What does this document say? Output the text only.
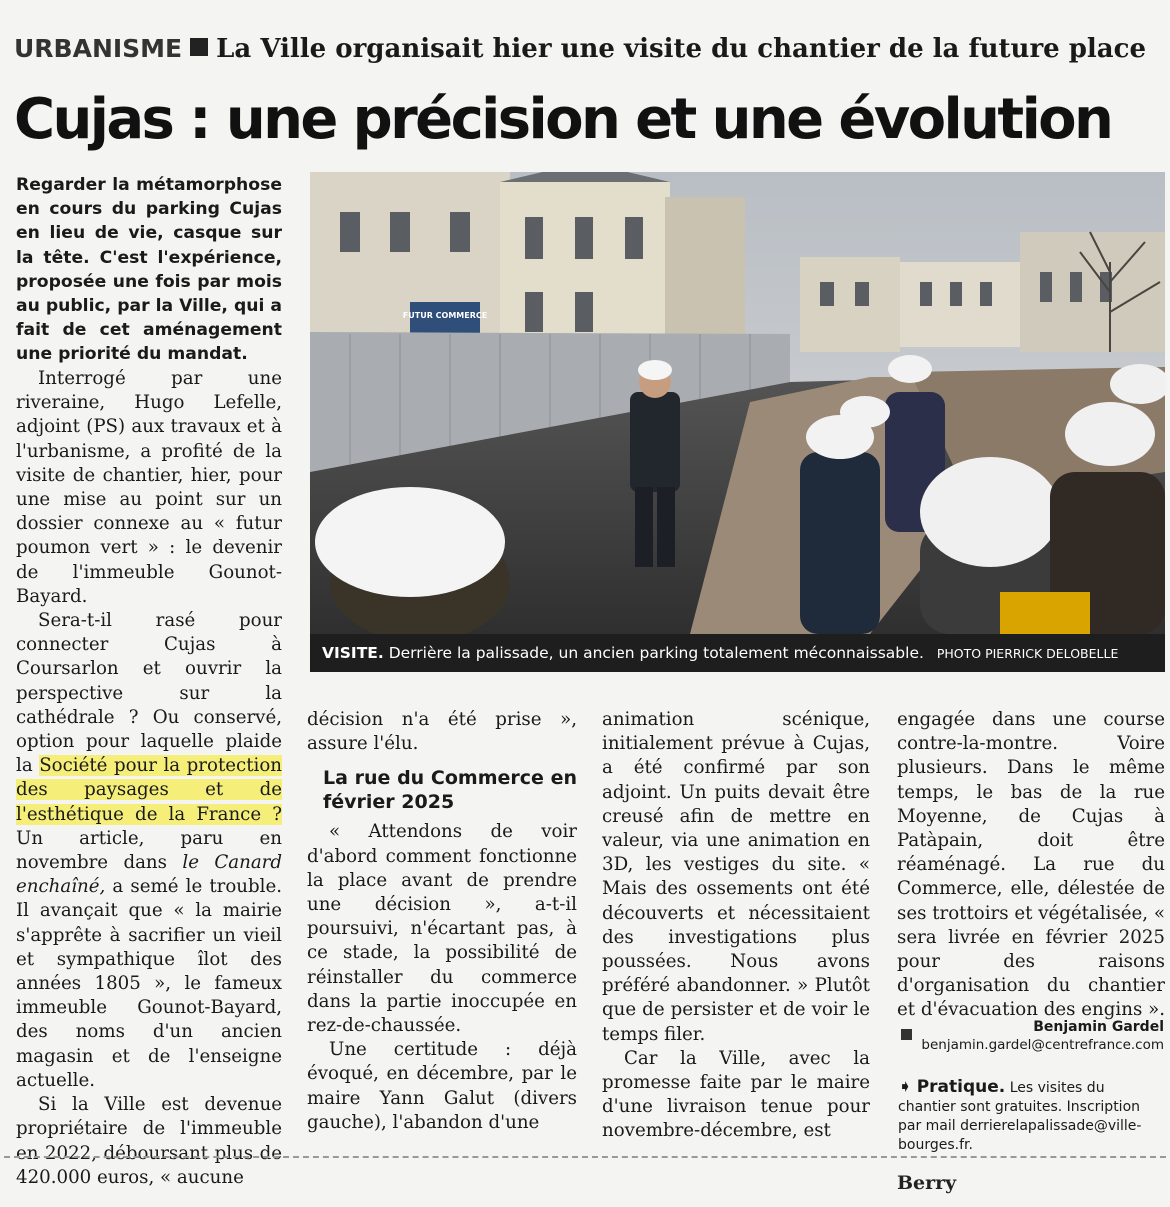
URBANISME La Ville organisait hier une visite du chantier de la future place
Cujas : une précision et une évolution
Regarder la métamorphose en cours du parking Cujas en lieu de vie, casque sur la tête. C'est l'expérience, proposée une fois par mois au public, par la Ville, qui a fait de cet aménagement une priorité du mandat.

Interrogé par une riveraine, Hugo Lefelle, adjoint (PS) aux travaux et à l'urbanisme, a profité de la visite de chantier, hier, pour une mise au point sur un dossier connexe au « futur poumon vert » : le devenir de l'immeuble Gounot-Bayard.

Sera-t-il rasé pour connecter Cujas à Coursarlon et ouvrir la perspective sur la cathédrale ? Ou conservé, option pour laquelle plaide la Société pour la protection des paysages et de l'esthétique de la France ? Un article, paru en novembre dans le Canard enchaîné, a semé le trouble. Il avançait que « la mairie s'apprête à sacrifier un vieil et sympathique îlot des années 1805 », le fameux immeuble Gounot-Bayard, des noms d'un ancien magasin et de l'enseigne actuelle.

Si la Ville est devenue propriétaire de l'immeuble en 2022, déboursant plus de 420.000 euros, « aucune

FUTUR COMMERCE
VISITE. Derrière la palissade, un ancien parking totalement méconnaissable. PHOTO PIERRICK DELOBELLE

décision n'a été prise », assure l'élu.

La rue du Commerce en février 2025

« Attendons de voir d'abord comment fonctionne la place avant de prendre une décision », a-t-il poursuivi, n'écartant pas, à ce stade, la possibilité de réinstaller du commerce dans la partie inoccupée en rez-de-chaussée.

Une certitude : déjà évoqué, en décembre, par le maire Yann Galut (divers gauche), l'abandon d'une

animation scénique, initialement prévue à Cujas, a été confirmé par son adjoint. Un puits devait être creusé afin de mettre en valeur, via une animation en 3D, les vestiges du site. « Mais des ossements ont été découverts et nécessitaient des investigations plus poussées. Nous avons préféré abandonner. » Plutôt que de persister et de voir le temps filer.

Car la Ville, avec la promesse faite par le maire d'une livraison tenue pour novembre-décembre, est

engagée dans une course contre-la-montre. Voire plusieurs. Dans le même temps, le bas de la rue Moyenne, de Cujas à Patàpain, doit être réaménagé. La rue du Commerce, elle, délestée de ses trottoirs et végétalisée, « sera livrée en février 2025 pour des raisons d'organisation du chantier et d'évacuation des engins ».

Benjamin Gardel
benjamin.gardel@centrefrance.com
➧ Pratique. Les visites du chantier sont gratuites. Inscription par mail derrierelapalissade@ville-bourges.fr.
Berry
